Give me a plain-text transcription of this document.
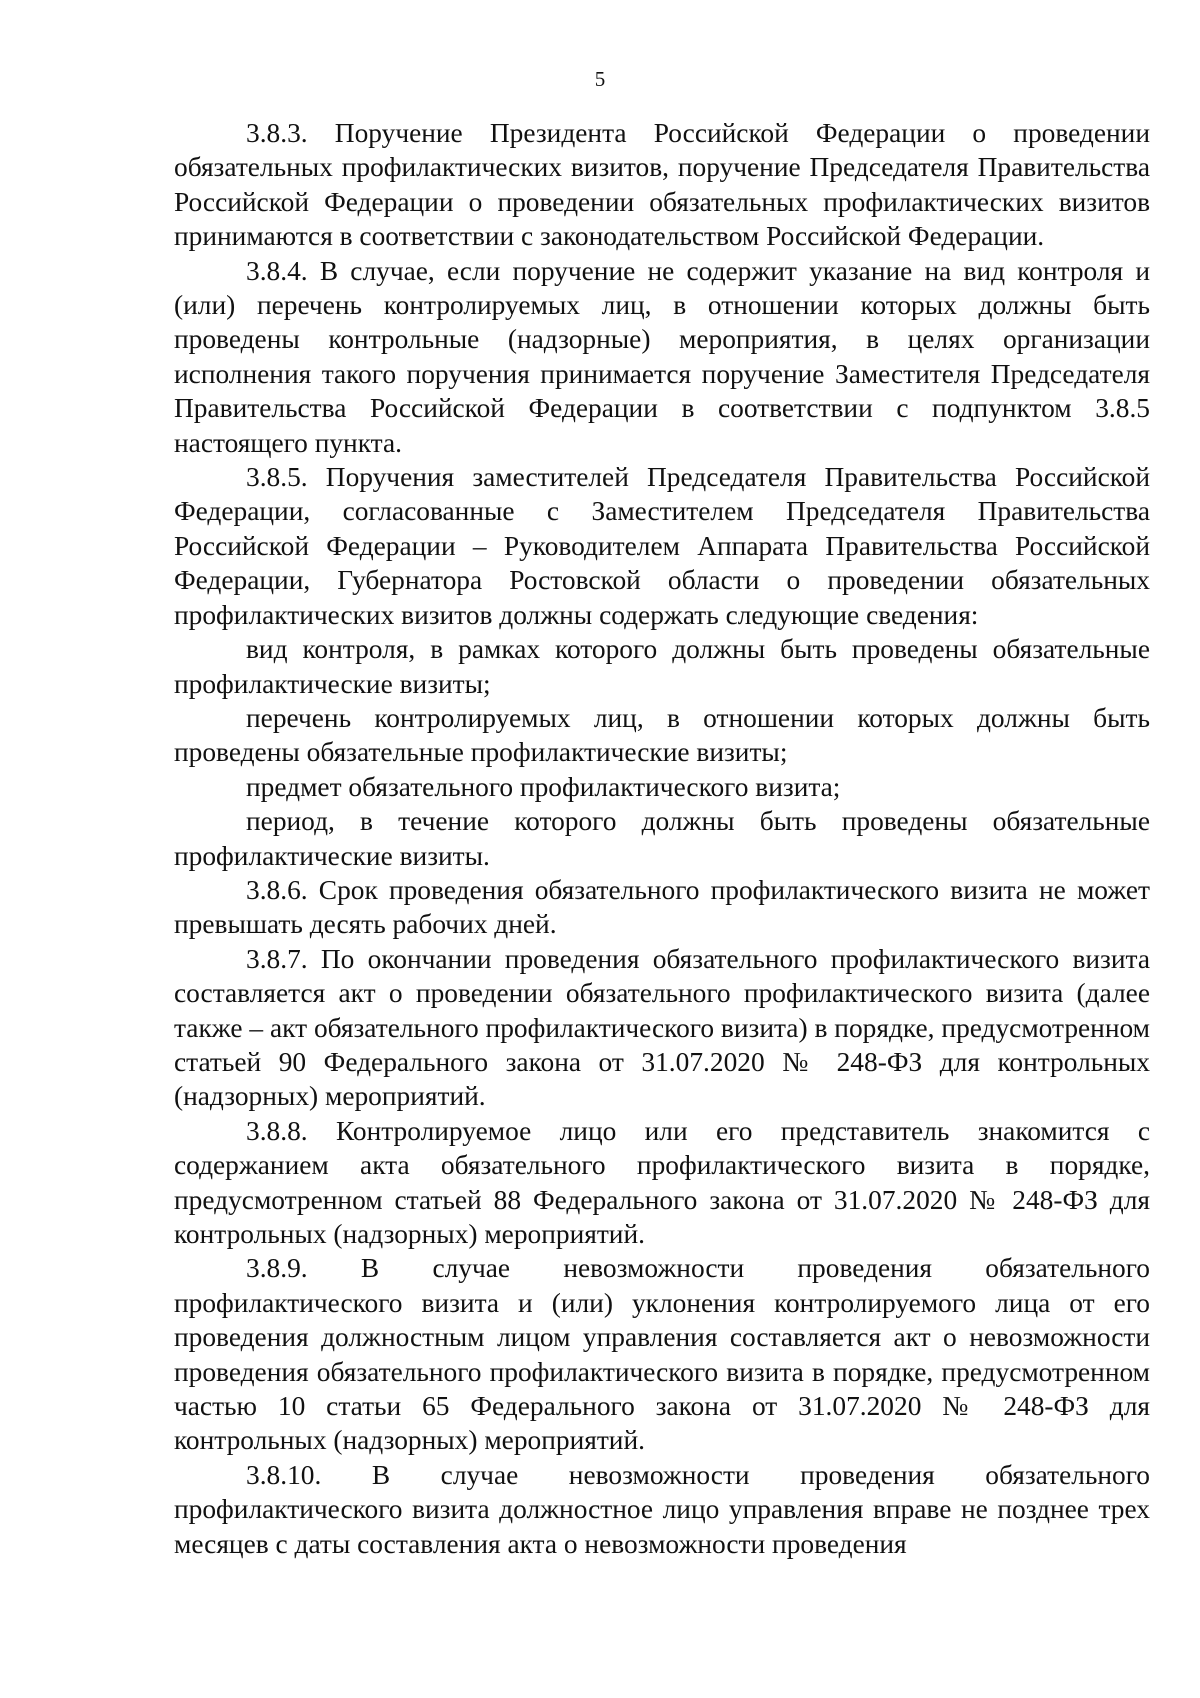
5

3.8.3. Поручение Президента Российской Федерации о проведении обязательных профилактических визитов, поручение Председателя Правительства Российской Федерации о проведении обязательных профилактических визитов принимаются в соответствии с законодательством Российской Федерации.

3.8.4. В случае, если поручение не содержит указание на вид контроля и (или) перечень контролируемых лиц, в отношении которых должны быть проведены контрольные (надзорные) мероприятия, в целях организации исполнения такого поручения принимается поручение Заместителя Председателя Правительства Российской Федерации в соответствии с подпунктом 3.8.5 настоящего пункта.

3.8.5. Поручения заместителей Председателя Правительства Российской Федерации, согласованные с Заместителем Председателя Правительства Российской Федерации – Руководителем Аппарата Правительства Российской Федерации, Губернатора Ростовской области о проведении обязательных профилактических визитов должны содержать следующие сведения:

вид контроля, в рамках которого должны быть проведены обязательные профилактические визиты;

перечень контролируемых лиц, в отношении которых должны быть проведены обязательные профилактические визиты;

предмет обязательного профилактического визита;

период, в течение которого должны быть проведены обязательные профилактические визиты.

3.8.6. Срок проведения обязательного профилактического визита не может превышать десять рабочих дней.

3.8.7. По окончании проведения обязательного профилактического визита составляется акт о проведении обязательного профилактического визита (далее также – акт обязательного профилактического визита) в порядке, предусмотренном статьей 90 Федерального закона от 31.07.2020 № 248-ФЗ для контрольных (надзорных) мероприятий.

3.8.8. Контролируемое лицо или его представитель знакомится с содержанием акта обязательного профилактического визита в порядке, предусмотренном статьей 88 Федерального закона от 31.07.2020 № 248-ФЗ для контрольных (надзорных) мероприятий.

3.8.9. В случае невозможности проведения обязательного профилактического визита и (или) уклонения контролируемого лица от его проведения должностным лицом управления составляется акт о невозможности проведения обязательного профилактического визита в порядке, предусмотренном частью 10 статьи 65 Федерального закона от 31.07.2020 № 248-ФЗ для контрольных (надзорных) мероприятий.

3.8.10. В случае невозможности проведения обязательного профилактического визита должностное лицо управления вправе не позднее трех месяцев с даты составления акта о невозможности проведения
